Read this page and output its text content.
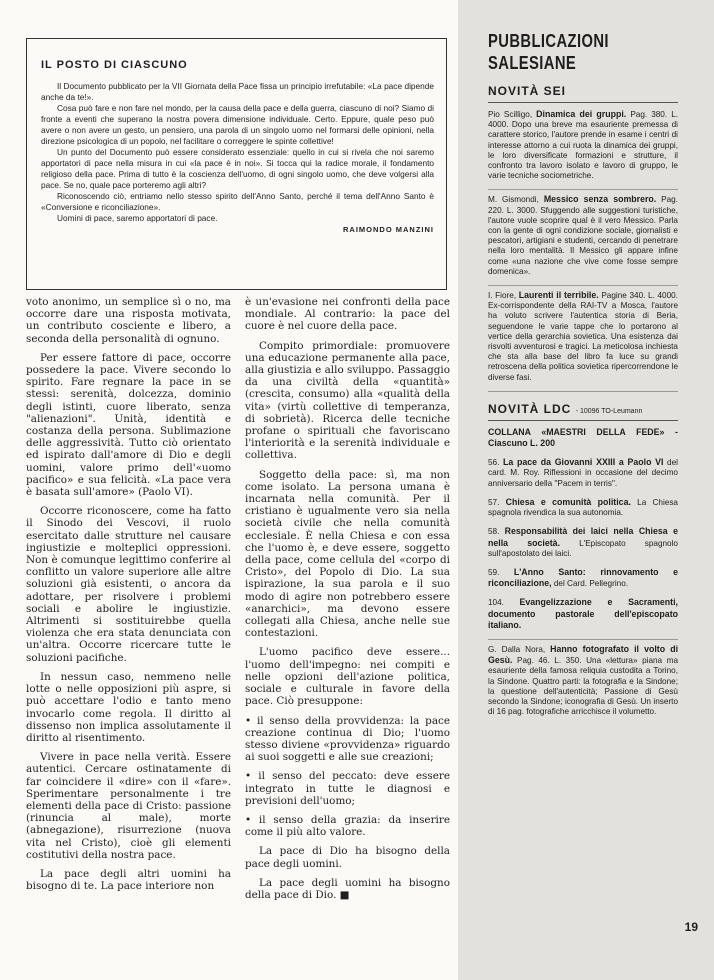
IL POSTO DI CIASCUNO

Il Documento pubblicato per la VII Giornata della Pace fissa un principio irrefutabile: «La pace dipende anche da te!».

Cosa può fare e non fare nel mondo, per la causa della pace e della guerra, ciascuno di noi? Siamo di fronte a eventi che superano la nostra povera dimensione individuale. Certo. Eppure, quale peso può avere o non avere un gesto, un pensiero, una parola di un singolo uomo nel formarsi delle opinioni, nella direzione psicologica di un popolo, nel facilitare o correggere le spinte collettive!

Un punto del Documento può essere considerato essenziale: quello in cui si rivela che noi saremo apportatori di pace nella misura in cui «la pace è in noi». Si tocca qui la radice morale, il fondamento religioso della pace. Prima di tutto è la coscienza dell'uomo, di ogni singolo uomo, che deve volgersi alla pace. Se no, quale pace porteremo agli altri?

Riconoscendo ciò, entriamo nello stesso spirito dell'Anno Santo, perché il tema dell'Anno Santo è «Conversione e riconciliazione».

Uomini di pace, saremo apportatori di pace.

RAIMONDO MANZINI

voto anonimo, un semplice sì o no, ma occorre dare una risposta motivata, un contributo cosciente e libero, a seconda della personalità di ognuno.

Per essere fattore di pace, occorre possedere la pace. Vivere secondo lo spirito. Fare regnare la pace in se stessi: serenità, dolcezza, dominio degli istinti, cuore liberato, senza "alienazioni". Unità, identità e costanza della persona. Sublimazione delle aggressività. Tutto ciò orientato ed ispirato dall'amore di Dio e degli uomini, valore primo dell'«uomo pacifico» e sua felicità. «La pace vera è basata sull'amore» (Paolo VI).

Occorre riconoscere, come ha fatto il Sinodo dei Vescovi, il ruolo esercitato dalle strutture nel causare ingiustizie e molteplici oppressioni. Non è comunque legittimo conferire al conflitto un valore superiore alle altre soluzioni già esistenti, o ancora da adottare, per risolvere i problemi sociali e abolire le ingiustizie. Altrimenti si sostituirebbe quella violenza che era stata denunciata con un'altra. Occorre ricercare tutte le soluzioni pacifiche.

In nessun caso, nemmeno nelle lotte o nelle opposizioni più aspre, si può accettare l'odio e tanto meno invocarlo come regola. Il diritto al dissenso non implica assolutamente il diritto al risentimento.

Vivere in pace nella verità. Essere autentici. Cercare ostinatamente di far coincidere il «dire» con il «fare». Sperimentare personalmente i tre elementi della pace di Cristo: passione (rinuncia al male), morte (abnegazione), risurrezione (nuova vita nel Cristo), cioè gli elementi costitutivi della nostra pace.

La pace degli altri uomini ha bisogno di te. La pace interiore non

è un'evasione nei confronti della pace mondiale. Al contrario: la pace del cuore è nel cuore della pace.

Compito primordiale: promuovere una educazione permanente alla pace, alla giustizia e allo sviluppo. Passaggio da una civiltà della «quantità» (crescita, consumo) alla «qualità della vita» (virtù collettive di temperanza, di sobrietà). Ricerca delle tecniche profane o spirituali che favoriscano l'interiorità e la serenità individuale e collettiva.

Soggetto della pace: sì, ma non come isolato. La persona umana è incarnata nella comunità. Per il cristiano è ugualmente vero sia nella società civile che nella comunità ecclesiale. È nella Chiesa e con essa che l'uomo è, e deve essere, soggetto della pace, come cellula del «corpo di Cristo», del Popolo di Dio. La sua ispirazione, la sua parola e il suo modo di agire non potrebbero essere «anarchici», ma devono essere collegati alla Chiesa, anche nelle sue contestazioni.

L'uomo pacifico deve essere... l'uomo dell'impegno: nei compiti e nelle opzioni dell'azione politica, sociale e culturale in favore della pace. Ciò presuppone:

• il senso della provvidenza: la pace creazione continua di Dio; l'uomo stesso diviene «provvidenza» riguardo ai suoi soggetti e alle sue creazioni;

• il senso del peccato: deve essere integrato in tutte le diagnosi e previsioni dell'uomo;

• il senso della grazia: da inserire come il più alto valore.

La pace di Dio ha bisogno della pace degli uomini.

La pace degli uomini ha bisogno della pace di Dio. ■

PUBBLICAZIONI
SALESIANE
NOVITÀ SEI
Pio Scilligo, Dinamica dei gruppi. Pag. 380. L. 4000. Dopo una breve ma esauriente premessa di carattere storico, l'autore prende in esame i centri di interesse attorno a cui ruota la dinamica dei gruppi, le loro diversificate formazioni e strutture, il confronto tra lavoro isolato e lavoro di gruppo, le varie tecniche sociometriche.
M. Gismondi, Messico senza sombrero. Pag. 220. L. 3000. Sfuggendo alle suggestioni turistiche, l'autore vuole scoprire qual è il vero Messico. Parla con la gente di ogni condizione sociale, giornalisti e pescatori, artigiani e studenti, cercando di penetrare nella loro mentalità. Il Messico gli appare infine come «una nazione che vive come fosse sempre domenica».
I. Fiore, Laurenti il terribile. Pagine 340. L. 4000. Ex-corrispondente della RAI-TV a Mosca, l'autore ha voluto scrivere l'autentica storia di Beria, seguendone le varie tappe che lo portarono al vertice della gerarchia sovietica. Una esistenza dai risvolti avventurosi e tragici. La meticolosa inchiesta che sta alla base del libro fa luce su grandi retroscena della politica sovietica ripercorrendone le diverse fasi.
NOVITÀ LDC - 10096 TO-Leumann
COLLANA «MAESTRI DELLA FEDE» - Ciascuno L. 200
56. La pace da Giovanni XXIII a Paolo VI del card. M. Roy. Riflessioni in occasione del decimo anniversario della "Pacem in terris".
57. Chiesa e comunità politica. La Chiesa spagnola rivendica la sua autonomia.
58. Responsabilità dei laici nella Chiesa e nella società. L'Episcopato spagnolo sull'apostolato dei laici.
59. L'Anno Santo: rinnovamento e riconciliazione, del Card. Pellegrino.
104. Evangelizzazione e Sacramenti, documento pastorale dell'episcopato italiano.
G. Dalla Nora, Hanno fotografato il volto di Gesù. Pag. 46. L. 350. Una «lettura» piana ma esauriente della famosa reliquia custodita a Torino, la Sindone. Quattro parti: la fotografia e la Sindone; la questione dell'autenticità; Passione di Gesù secondo la Sindone; iconografia di Gesù. Un inserto di 16 pag. fotografiche arricchisce il volumetto.
19
